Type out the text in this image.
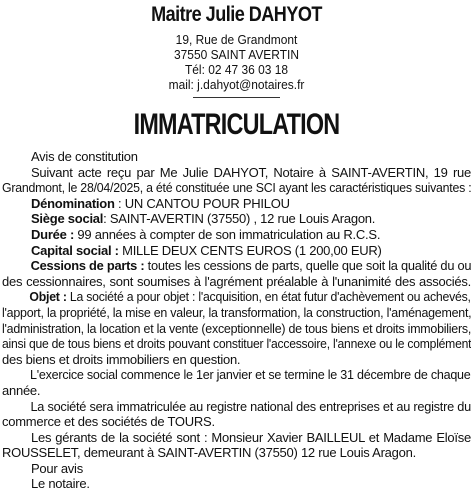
Maitre Julie DAHYOT
19, Rue de Grandmont
37550 SAINT AVERTIN
Tél: 02 47 36 03 18
mail: j.dahyot@notaires.fr
IMMATRICULATION
Avis de constitution
Suivant acte reçu par Me Julie DAHYOT, Notaire à SAINT-AVERTIN, 19 rue
Grandmont, le 28/04/2025, a été constituée une SCI ayant les caractéristiques suivantes :
Dénomination : UN CANTOU POUR PHILOU
Siège social: SAINT-AVERTIN (37550) , 12 rue Louis Aragon.
Durée : 99 années à compter de son immatriculation au R.C.S.
Capital social : MILLE DEUX CENTS EUROS (1 200,00 EUR)
Cessions de parts : toutes les cessions de parts, quelle que soit la qualité du ou
des cessionnaires, sont soumises à l'agrément préalable à l'unanimité des associés.
Objet : La société a pour objet : l'acquisition, en état futur d'achèvement ou achevés,
l'apport, la propriété, la mise en valeur, la transformation, la construction, l'aménagement,
l'administration, la location et la vente (exceptionnelle) de tous biens et droits immobiliers,
ainsi que de tous biens et droits pouvant constituer l'accessoire, l'annexe ou le complément
des biens et droits immobiliers en question.
L'exercice social commence le 1er janvier et se termine le 31 décembre de chaque
année.
La société sera immatriculée au registre national des entreprises et au registre du
commerce et des sociétés de TOURS.
Les gérants de la société sont : Monsieur Xavier BAILLEUL et Madame Eloïse
ROUSSELET, demeurant à SAINT-AVERTIN (37550) 12 rue Louis Aragon.
Pour avis
Le notaire.
